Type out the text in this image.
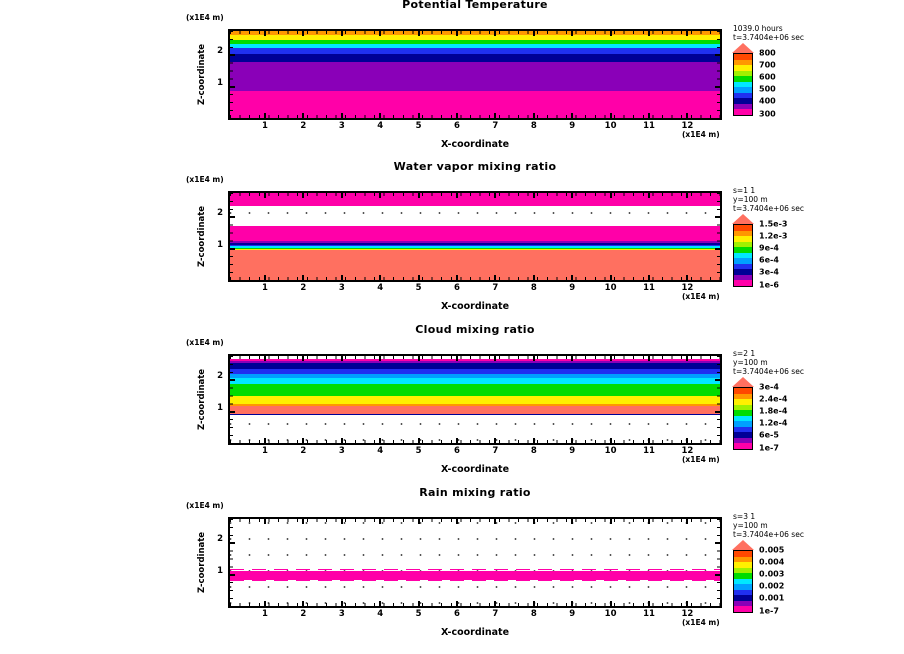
Potential Temperature
(x1E4 m)
Z-coordinate	2
1
(x1E4 m)
X-coordinate
1039.0 hours
t=3.7404e+06 sec
800
700
600
500
400
300
1	2	3	4	5	6	7	8	9	10	11	12
Water vapor mixing ratio
(x1E4 m)
Z-coordinate	2
1
(x1E4 m)
X-coordinate
s=1 1
y=100 m
t=3.7404e+06 sec
1.5e-3
1.2e-3
9e-4
6e-4
3e-4
1e-6
1	2	3	4	5	6	7	8	9	10	11	12
Cloud mixing ratio
(x1E4 m)
Z-coordinate	2
1
(x1E4 m)
X-coordinate
s=2 1
y=100 m
t=3.7404e+06 sec
3e-4
2.4e-4
1.8e-4
1.2e-4
6e-5
1e-7
1	2	3	4	5	6	7	8	9	10	11	12
Rain mixing ratio
(x1E4 m)
Z-coordinate	2
1
(x1E4 m)
X-coordinate
s=3 1
y=100 m
t=3.7404e+06 sec
0.005
0.004
0.003
0.002
0.001
1e-7
1	2	3	4	5	6	7	8	9	10	11	12
